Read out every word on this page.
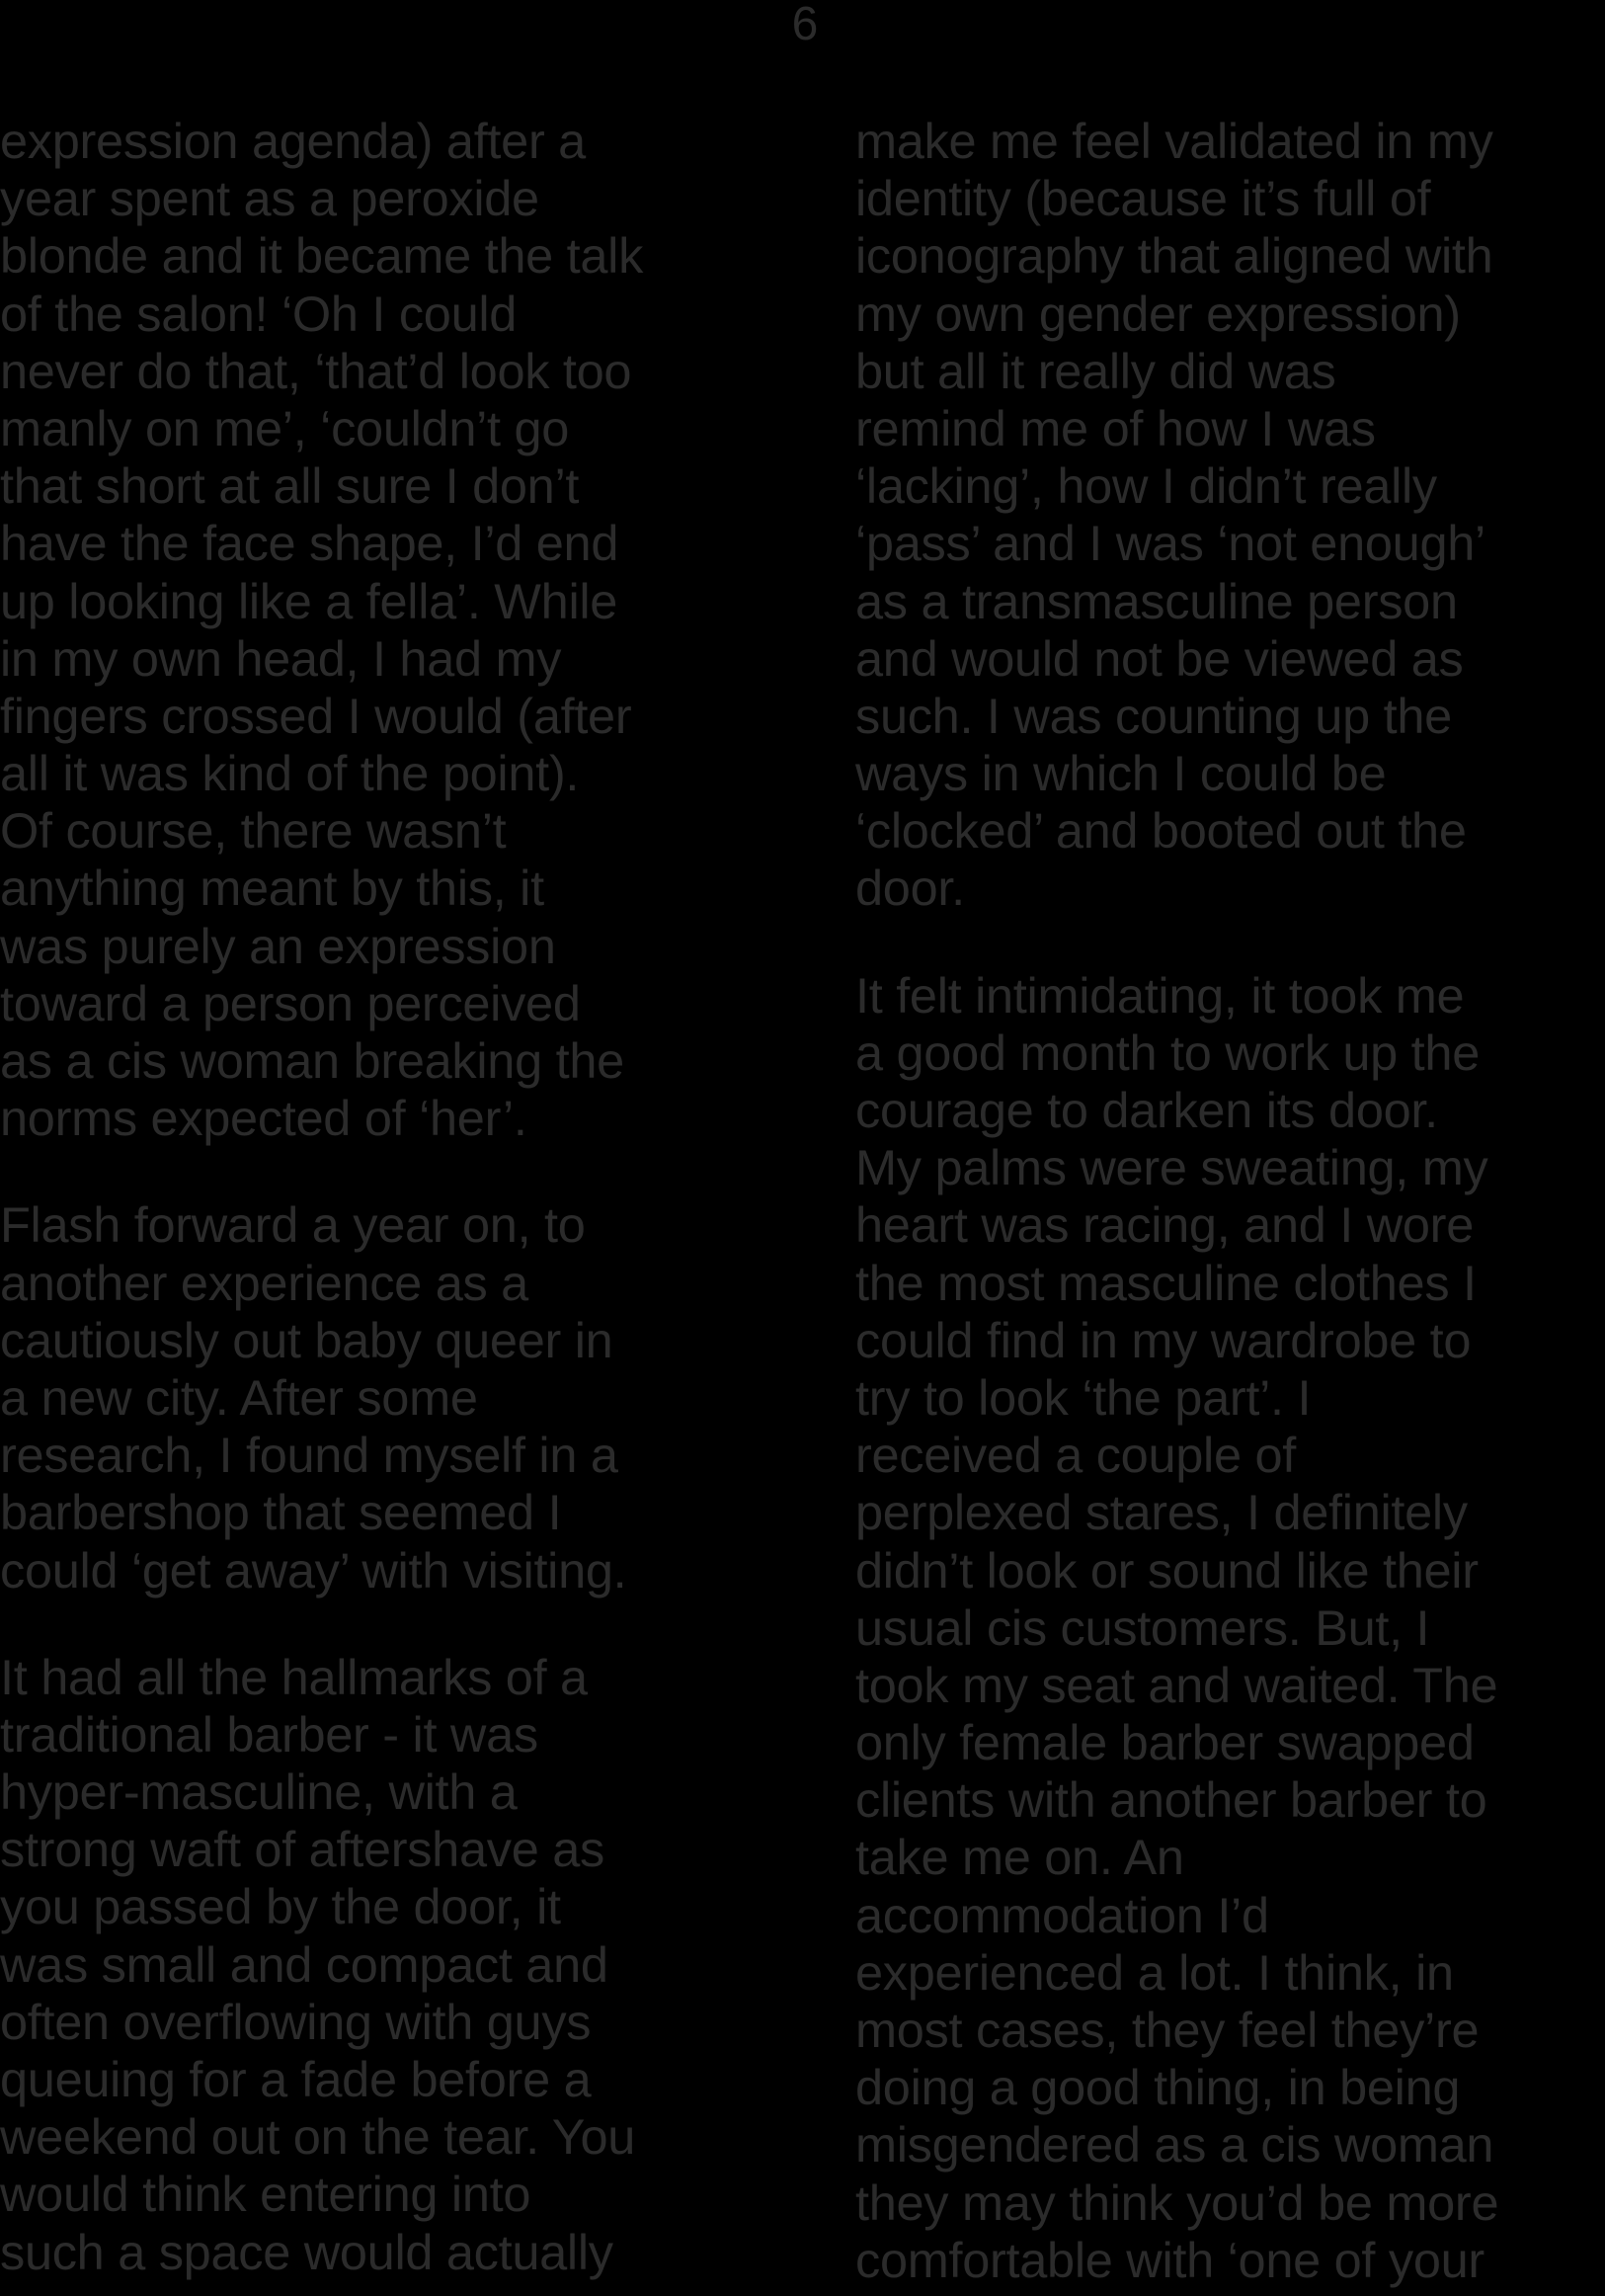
6
expression agenda) after a
year spent as a peroxide
blonde and it became the talk
of the salon! ‘Oh I could
never do that, ‘that’d look too
manly on me’, ‘couldn’t go
that short at all sure I don’t
have the face shape, I’d end
up looking like a fella’. While
in my own head, I had my
fingers crossed I would (after
all it was kind of the point).
Of course, there wasn’t
anything meant by this, it
was purely an expression
toward a person perceived
as a cis woman breaking the
norms expected of ‘her’.
Flash forward a year on, to
another experience as a
cautiously out baby queer in
a new city. After some
research, I found myself in a
barbershop that seemed I
could ‘get away’ with visiting.
It had all the hallmarks of a
traditional barber - it was
hyper-masculine, with a
strong waft of aftershave as
you passed by the door, it
was small and compact and
often overflowing with guys
queuing for a fade before a
weekend out on the tear. You
would think entering into
such a space would actually
make me feel validated in my
identity (because it’s full of
iconography that aligned with
my own gender expression)
but all it really did was
remind me of how I was
‘lacking’, how I didn’t really
‘pass’ and I was ‘not enough’
as a transmasculine person
and would not be viewed as
such. I was counting up the
ways in which I could be
‘clocked’ and booted out the
door.
It felt intimidating, it took me
a good month to work up the
courage to darken its door.
My palms were sweating, my
heart was racing, and I wore
the most masculine clothes I
could find in my wardrobe to
try to look ‘the part’. I
received a couple of
perplexed stares, I definitely
didn’t look or sound like their
usual cis customers. But, I
took my seat and waited. The
only female barber swapped
clients with another barber to
take me on. An
accommodation I’d
experienced a lot. I think, in
most cases, they feel they’re
doing a good thing, in being
misgendered as a cis woman
they may think you’d be more
comfortable with ‘one of your
